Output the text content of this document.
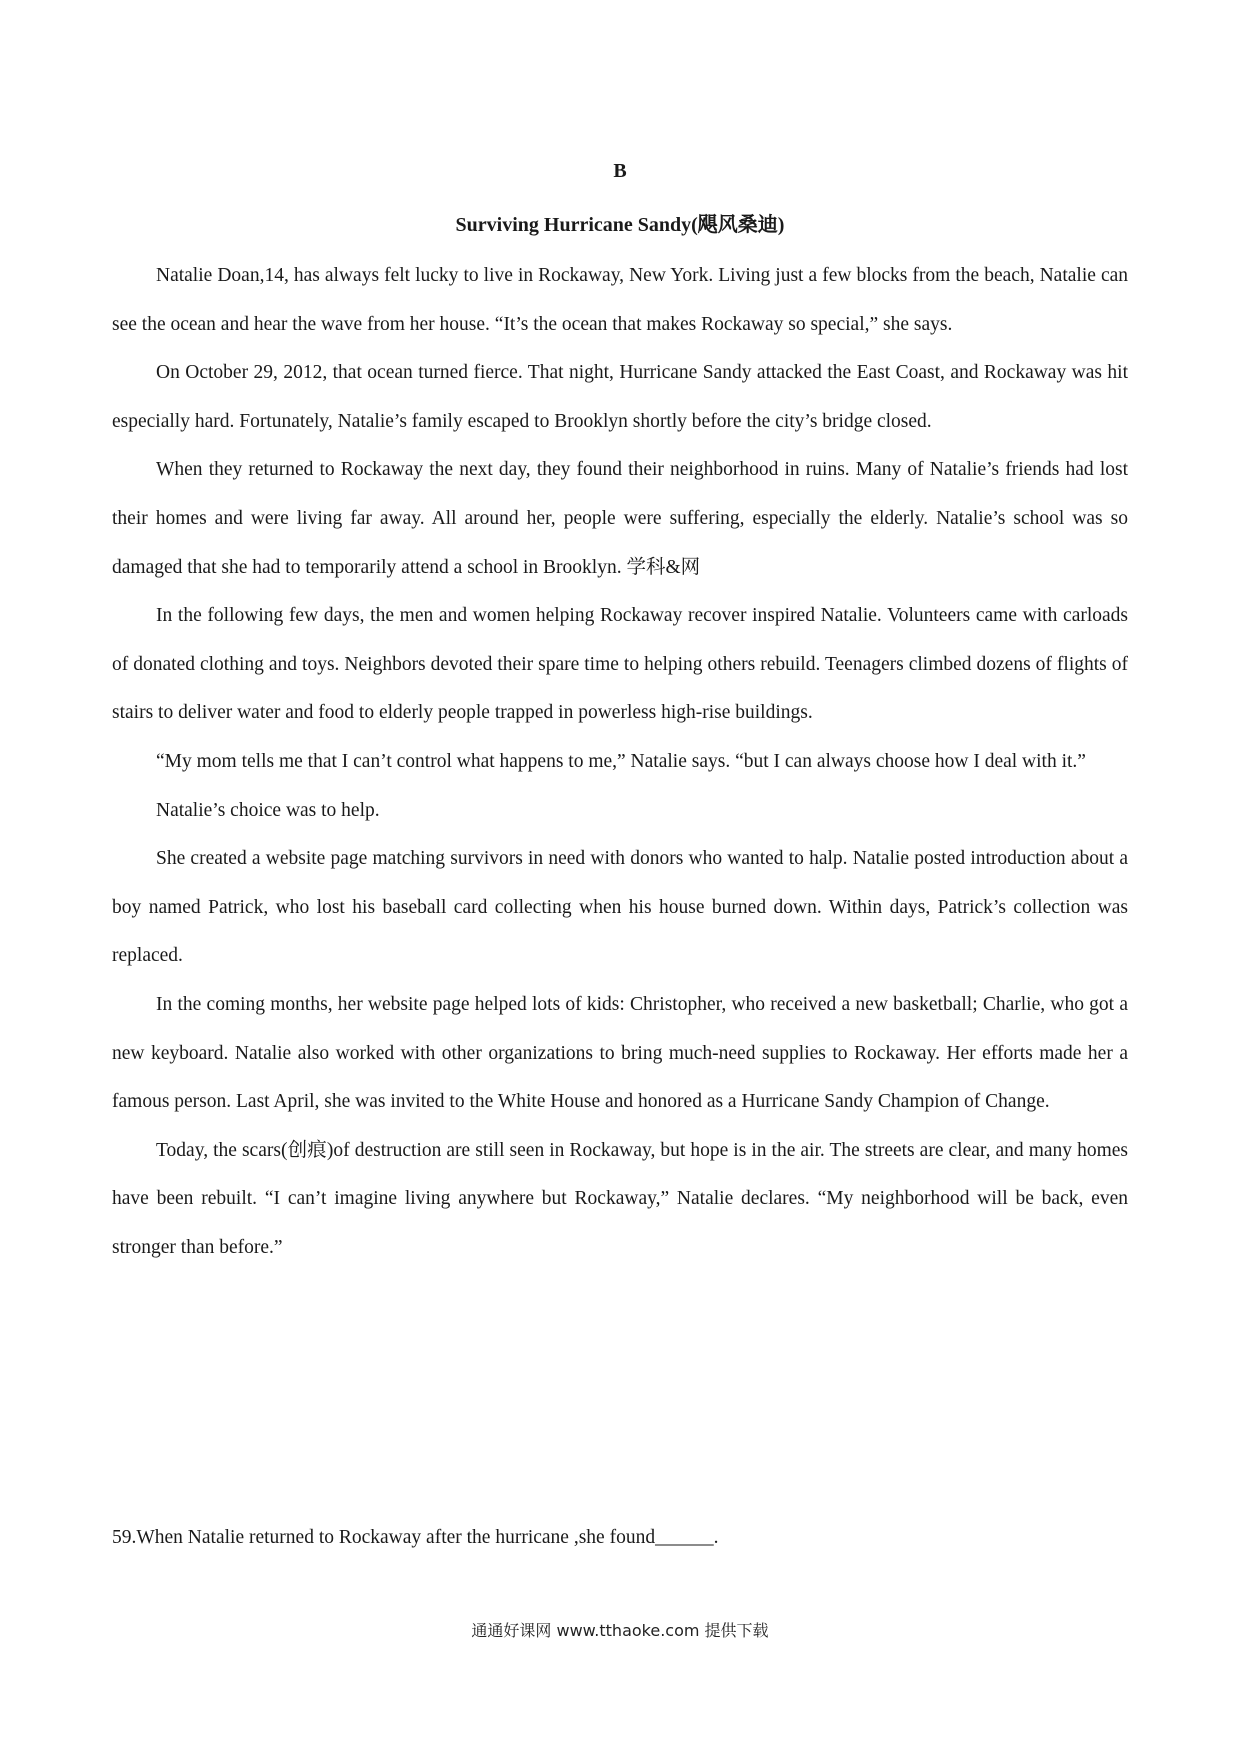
B
Surviving Hurricane Sandy(飓风桑迪)

Natalie Doan,14, has always felt lucky to live in Rockaway, New York. Living just a few blocks from the beach, Natalie can see the ocean and hear the wave from her house. “It’s the ocean that makes Rockaway so special,” she says.

On October 29, 2012, that ocean turned fierce. That night, Hurricane Sandy attacked the East Coast, and Rockaway was hit especially hard. Fortunately, Natalie’s family escaped to Brooklyn shortly before the city’s bridge closed.

When they returned to Rockaway the next day, they found their neighborhood in ruins. Many of Natalie’s friends had lost their homes and were living far away. All around her, people were suffering, especially the elderly. Natalie’s school was so damaged that she had to temporarily attend a school in Brooklyn. 学科&网

In the following few days, the men and women helping Rockaway recover inspired Natalie. Volunteers came with carloads of donated clothing and toys. Neighbors devoted their spare time to helping others rebuild. Teenagers climbed dozens of flights of stairs to deliver water and food to elderly people trapped in powerless high-rise buildings.

“My mom tells me that I can’t control what happens to me,” Natalie says. “but I can always choose how I deal with it.”

Natalie’s choice was to help.

She created a website page matching survivors in need with donors who wanted to halp. Natalie posted introduction about a boy named Patrick, who lost his baseball card collecting when his house burned down. Within days, Patrick’s collection was replaced.

In the coming months, her website page helped lots of kids: Christopher, who received a new basketball; Charlie, who got a new keyboard. Natalie also worked with other organizations to bring much-need supplies to Rockaway. Her efforts made her a famous person. Last April, she was invited to the White House and honored as a Hurricane Sandy Champion of Change.

Today, the scars(创痕)of destruction are still seen in Rockaway, but hope is in the air. The streets are clear, and many homes have been rebuilt. “I can’t imagine living anywhere but Rockaway,” Natalie declares. “My neighborhood will be back, even stronger than before.”

59.When Natalie returned to Rockaway after the hurricane ,she found______.
通通好课网 www.tthaoke.com 提供下载
